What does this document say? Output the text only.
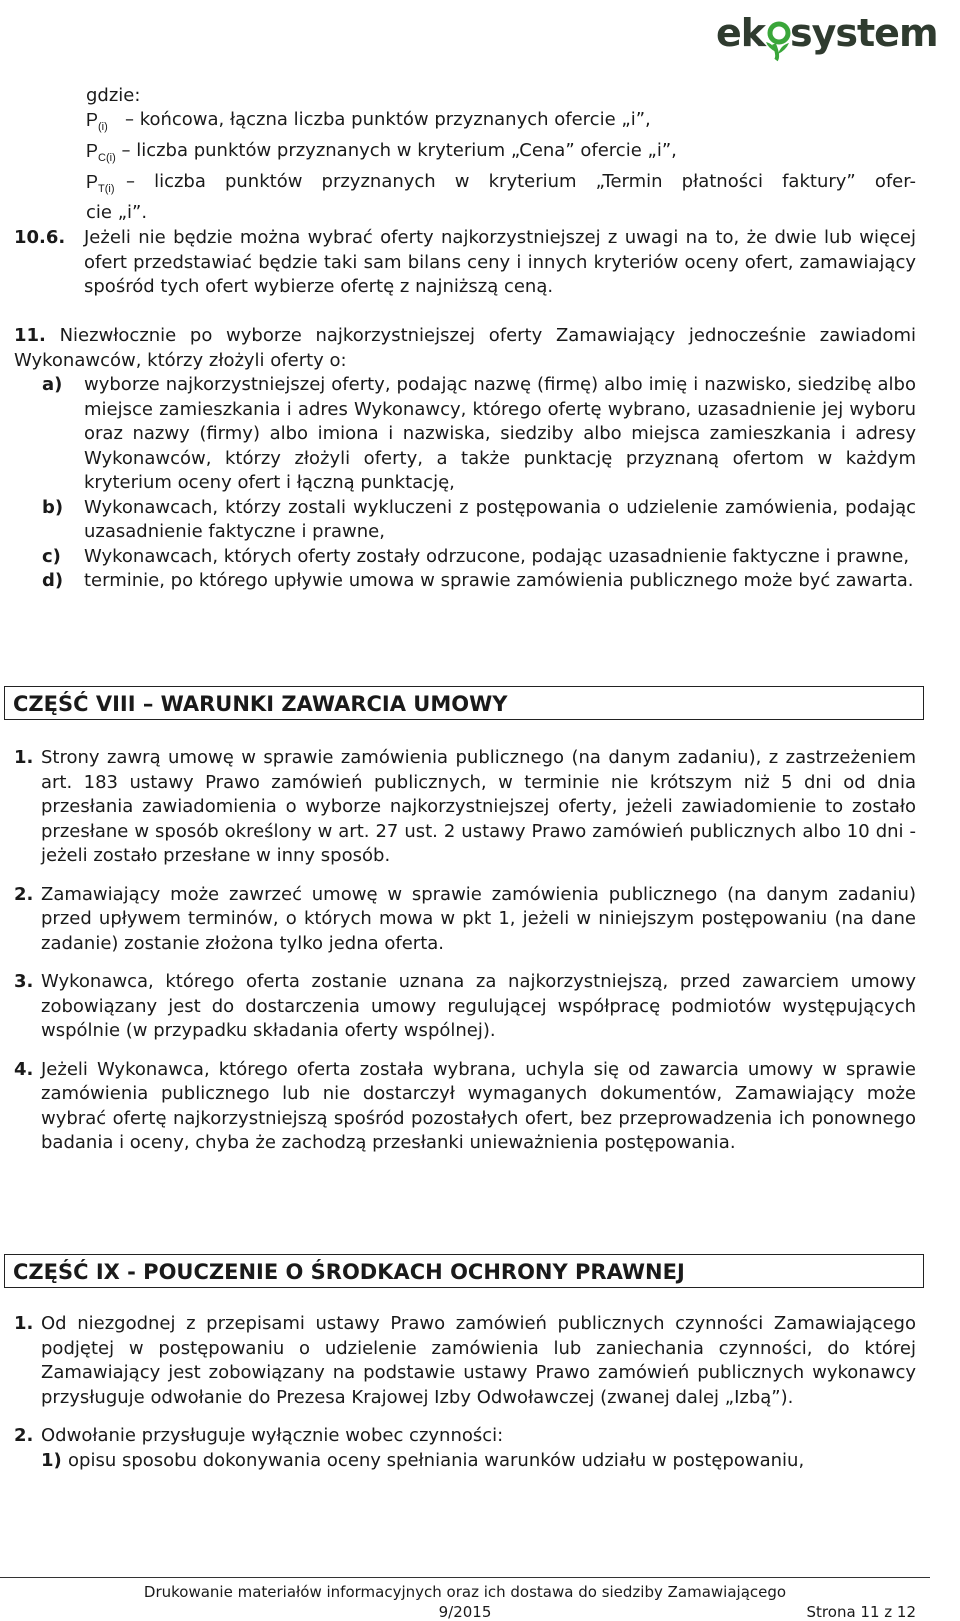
ek system
gdzie:
$P_{(i)}$
– końcowa, łączna liczba punktów przyznanych ofercie „i”,
$P_{C(i)}$
– liczba punktów przyznanych w kryterium „Cena” ofercie „i”,
$P_{T(i)}$
– liczba punktów przyznanych w kryterium „Termin płatności faktury” ofer-
cie „i”.
10.6.	Jeżeli nie będzie można wybrać oferty najkorzystniejszej z uwagi na to, że dwie lub więcej ofert przedstawiać będzie taki sam bilans ceny i innych kryteriów oceny ofert, zamawiający spośród tych ofert wybierze ofertę z najniższą ceną.
11. Niezwłocznie po wyborze najkorzystniejszej oferty Zamawiający jednocześnie zawiadomi Wykonawców, którzy złożyli oferty o:
a)	wyborze najkorzystniejszej oferty, podając nazwę (firmę) albo imię i nazwisko, siedzibę albo miejsce zamieszkania i adres Wykonawcy, którego ofertę wybrano, uzasadnienie jej wyboru oraz nazwy (firmy) albo imiona i nazwiska, siedziby albo miejsca zamieszkania i adresy Wykonawców, którzy złożyli oferty, a także punktację przyznaną ofertom w każdym kryterium oceny ofert i łączną punktację,
b)	Wykonawcach, którzy zostali wykluczeni z postępowania o udzielenie zamówienia, podając uzasadnienie faktyczne i prawne,
c)	Wykonawcach, których oferty zostały odrzucone, podając uzasadnienie faktyczne i prawne,
d)	terminie, po którego upływie umowa w sprawie zamówienia publicznego może być zawarta.
CZĘŚĆ VIII – WARUNKI ZAWARCIA UMOWY
1. Strony zawrą umowę w sprawie zamówienia publicznego (na danym zadaniu), z zastrzeżeniem art. 183 ustawy Prawo zamówień publicznych, w terminie nie krótszym niż 5 dni od dnia przesłania zawiadomienia o wyborze najkorzystniejszej oferty, jeżeli zawiadomienie to zostało przesłane w sposób określony w art. 27 ust. 2 ustawy Prawo zamówień publicznych albo 10 dni - jeżeli zostało przesłane w inny sposób.
2. Zamawiający może zawrzeć umowę w sprawie zamówienia publicznego (na danym zadaniu) przed upływem terminów, o których mowa w pkt 1, jeżeli w niniejszym postępowaniu (na dane zadanie) zostanie złożona tylko jedna oferta.
3. Wykonawca, którego oferta zostanie uznana za najkorzystniejszą, przed zawarciem umowy zobowiązany jest do dostarczenia umowy regulującej współpracę podmiotów występujących wspólnie (w przypadku składania oferty wspólnej).
4. Jeżeli Wykonawca, którego oferta została wybrana, uchyla się od zawarcia umowy w sprawie zamówienia publicznego lub nie dostarczył wymaganych dokumentów, Zamawiający może wybrać ofertę najkorzystniejszą spośród pozostałych ofert, bez przeprowadzenia ich ponownego badania i oceny, chyba że zachodzą przesłanki unieważnienia postępowania.
CZĘŚĆ IX - POUCZENIE O ŚRODKACH OCHRONY PRAWNEJ
1. Od niezgodnej z przepisami ustawy Prawo zamówień publicznych czynności Zamawiającego podjętej w postępowaniu o udzielenie zamówienia lub zaniechania czynności, do której Zamawiający jest zobowiązany na podstawie ustawy Prawo zamówień publicznych wykonawcy przysługuje odwołanie do Prezesa Krajowej Izby Odwoławczej (zwanej dalej „Izbą”).
2. Odwołanie przysługuje wyłącznie wobec czynności:
1) opisu sposobu dokonywania oceny spełniania warunków udziału w postępowaniu,
Drukowanie materiałów informacyjnych oraz ich dostawa do siedziby Zamawiającego
9/2015	Strona 11 z 12
